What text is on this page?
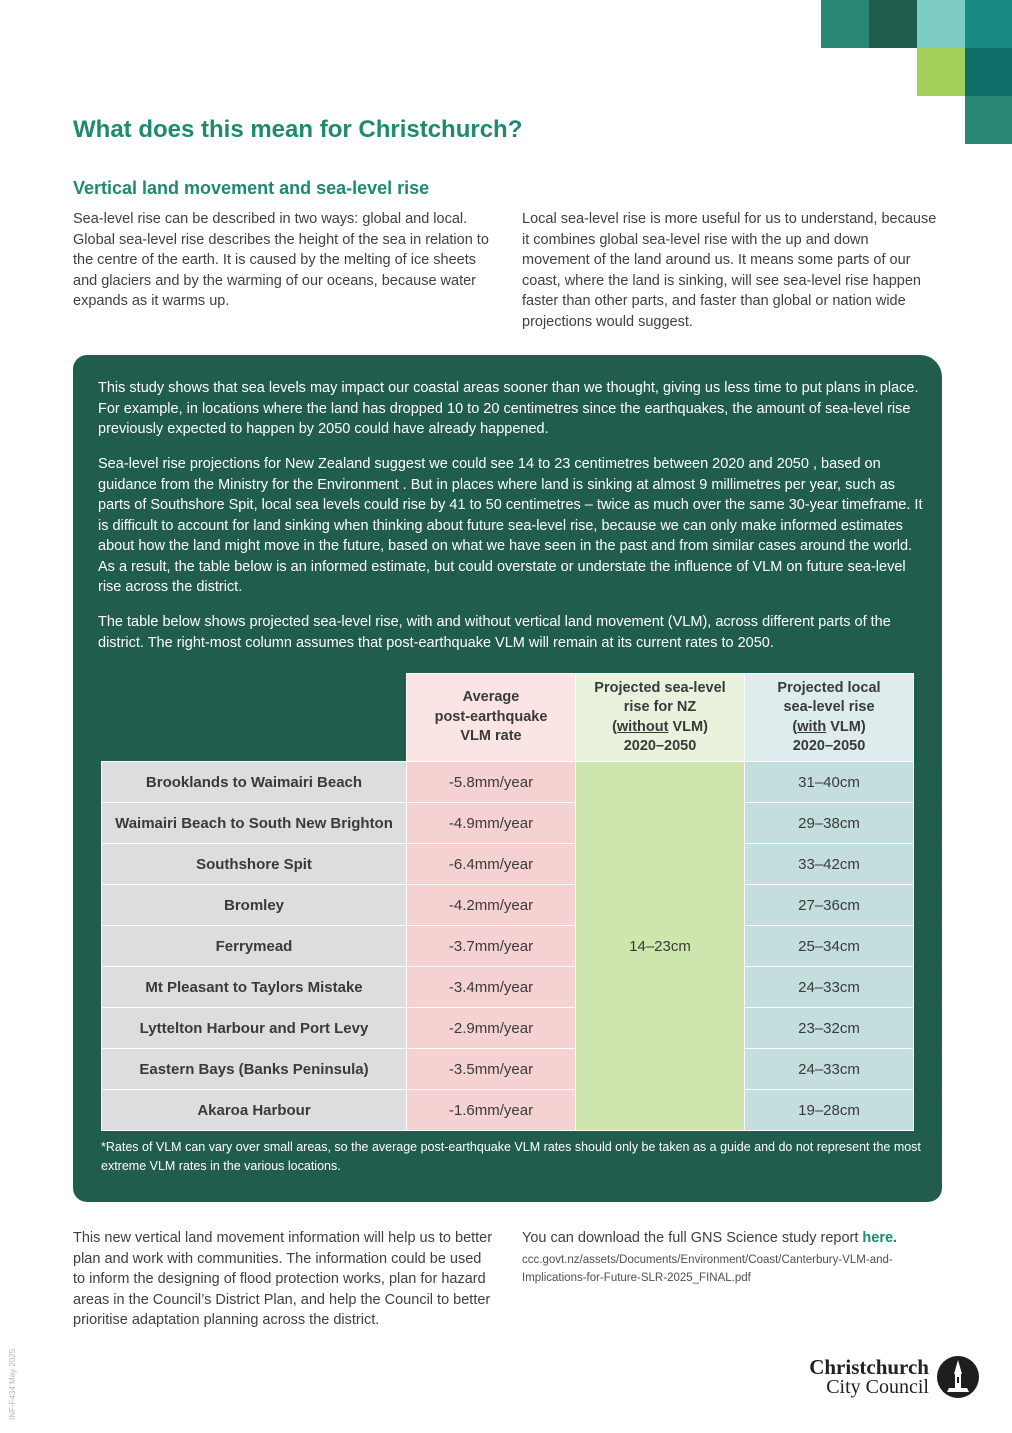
What does this mean for Christchurch?
Vertical land movement and sea-level rise

Sea-level rise can be described in two ways: global and local. Global sea-level rise describes the height of the sea in relation to the centre of the earth. It is caused by the melting of ice sheets and glaciers and by the warming of our oceans, because water expands as it warms up.

Local sea-level rise is more useful for us to understand, because it combines global sea-level rise with the up and down movement of the land around us. It means some parts of our coast, where the land is sinking, will see sea-level rise happen faster than other parts, and faster than global or nation wide projections would suggest.

This study shows that sea levels may impact our coastal areas sooner than we thought, giving us less time to put plans in place. For example, in locations where the land has dropped 10 to 20 centimetres since the earthquakes, the amount of sea-level rise previously expected to happen by 2050 could have already happened.

Sea-level rise projections for New Zealand suggest we could see 14 to 23 centimetres between 2020 and 2050 , based on guidance from the Ministry for the Environment . But in places where land is sinking at almost 9 millimetres per year, such as parts of Southshore Spit, local sea levels could rise by 41 to 50 centimetres – twice as much over the same 30-year timeframe. It is difficult to account for land sinking when thinking about future sea-level rise, because we can only make informed estimates about how the land might move in the future, based on what we have seen in the past and from similar cases around the world. As a result, the table below is an informed estimate, but could overstate or understate the influence of VLM on future sea-level rise across the district.

The table below shows projected sea-level rise, with and without vertical land movement (VLM), across different parts of the district. The right-most column assumes that post-earthquake VLM will remain at its current rates to 2050.

	Average
post-earthquake
VLM rate	Projected sea-level
rise for NZ
(without VLM)
2020–2050	Projected local
sea-level rise
(with VLM)
2020–2050
Brooklands to Waimairi Beach	-5.8mm/year	14–23cm	31–40cm
Waimairi Beach to South New Brighton	-4.9mm/year		29–38cm
Southshore Spit	-6.4mm/year		33–42cm
Bromley	-4.2mm/year		27–36cm
Ferrymead	-3.7mm/year		25–34cm
Mt Pleasant to Taylors Mistake	-3.4mm/year		24–33cm
Lyttelton Harbour and Port Levy	-2.9mm/year		23–32cm
Eastern Bays (Banks Peninsula)	-3.5mm/year		24–33cm
Akaroa Harbour	-1.6mm/year		19–28cm

*Rates of VLM can vary over small areas, so the average post-earthquake VLM rates should only be taken as a guide and do not represent the most extreme VLM rates in the various locations.

This new vertical land movement information will help us to better plan and work with communities. The information could be used to inform the designing of flood protection works, plan for hazard areas in the Council’s District Plan, and help the Council to better prioritise adaptation planning across the district.

You can download the full GNS Science study report here.

ccc.govt.nz/assets/Documents/Environment/Coast/Canterbury-VLM-and-Implications-for-Future-SLR-2025_FINAL.pdf

INF-F434 May 2025	Christchurch
City Council
